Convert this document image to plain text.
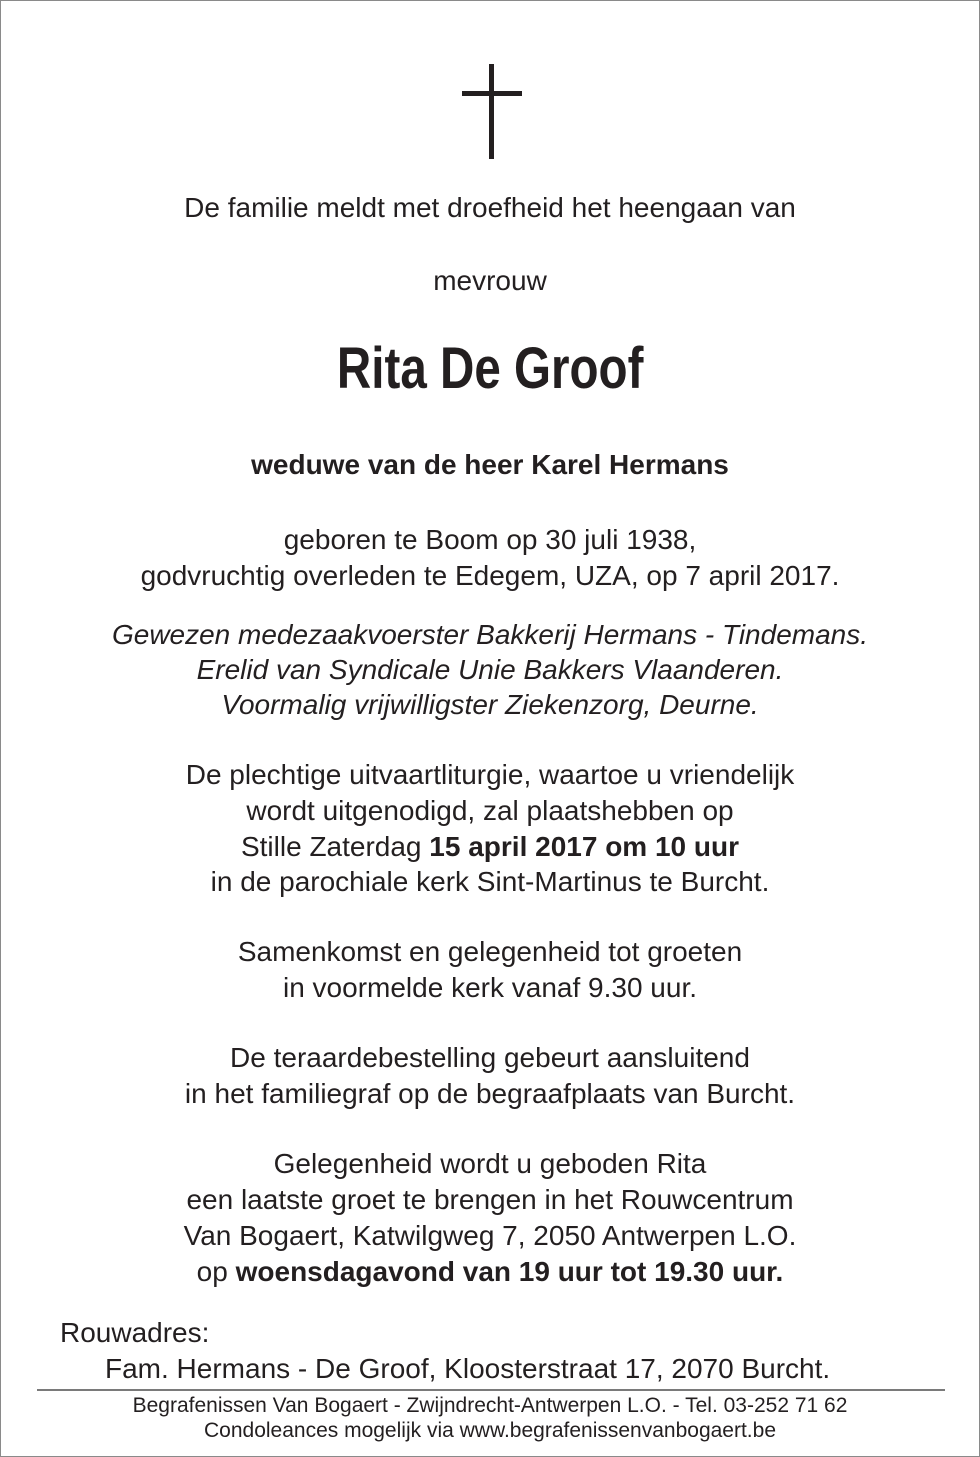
De familie meldt met droefheid het heengaan van
mevrouw
Rita De Groof
weduwe van de heer Karel Hermans
geboren te Boom op 30 juli 1938,
godvruchtig overleden te Edegem, UZA, op 7 april 2017.
Gewezen medezaakvoerster Bakkerij Hermans - Tindemans.
Erelid van Syndicale Unie Bakkers Vlaanderen.
Voormalig vrijwilligster Ziekenzorg, Deurne.
De plechtige uitvaartliturgie, waartoe u vriendelijk
wordt uitgenodigd, zal plaatshebben op
Stille Zaterdag 15 april 2017 om 10 uur
in de parochiale kerk Sint-Martinus te Burcht.
Samenkomst en gelegenheid tot groeten
in voormelde kerk vanaf 9.30 uur.
De teraardebestelling gebeurt aansluitend
in het familiegraf op de begraafplaats van Burcht.
Gelegenheid wordt u geboden Rita
een laatste groet te brengen in het Rouwcentrum
Van Bogaert, Katwilgweg 7, 2050 Antwerpen L.O.
op woensdagavond van 19 uur tot 19.30 uur.
Rouwadres:
Fam. Hermans - De Groof, Kloosterstraat 17, 2070 Burcht.
Begrafenissen Van Bogaert - Zwijndrecht-Antwerpen L.O. - Tel. 03-252 71 62
Condoleances mogelijk via www.begrafenissenvanbogaert.be
